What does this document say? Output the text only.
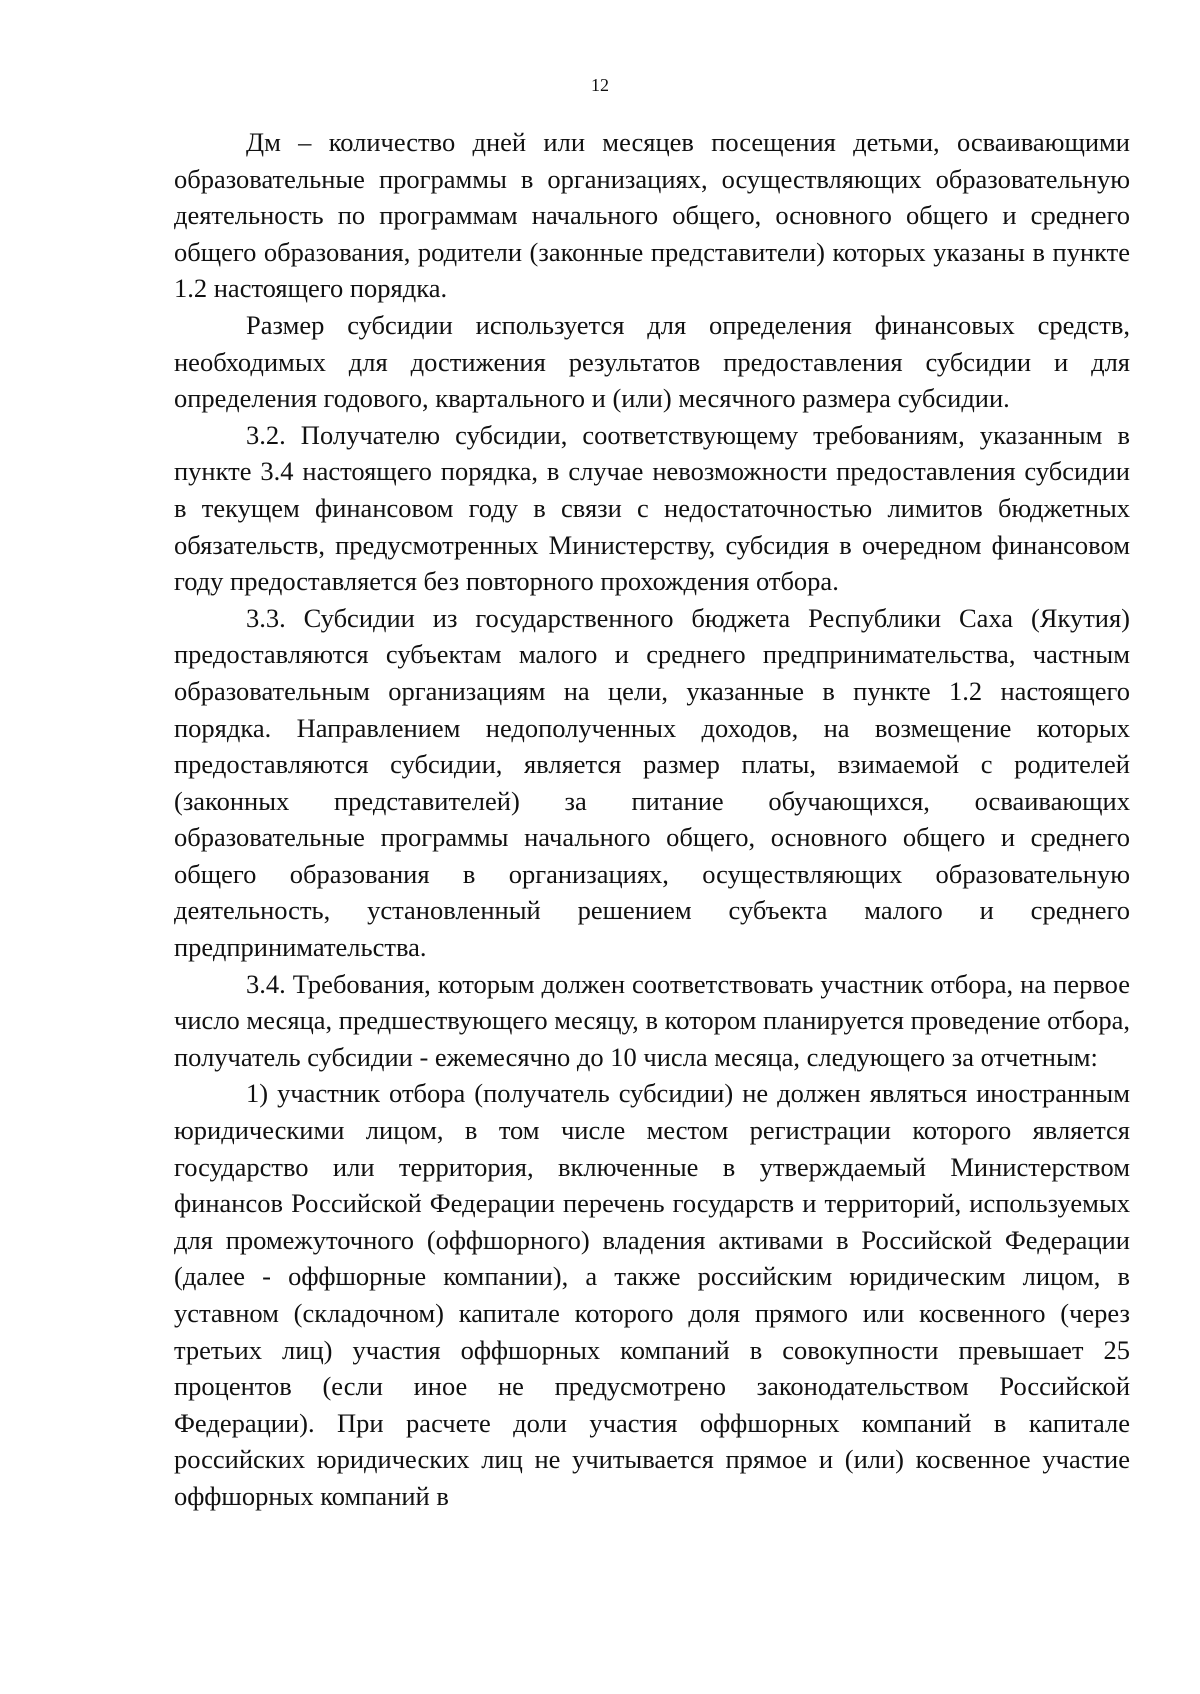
12

Дм – количество дней или месяцев посещения детьми, осваивающими образовательные программы в организациях, осуществляющих образовательную деятельность по программам начального общего, основного общего и среднего общего образования, родители (законные представители) которых указаны в пункте 1.2 настоящего порядка.

Размер субсидии используется для определения финансовых средств, необходимых для достижения результатов предоставления субсидии и для определения годового, квартального и (или) месячного размера субсидии.

3.2. Получателю субсидии, соответствующему требованиям, указанным в пункте 3.4 настоящего порядка, в случае невозможности предоставления субсидии в текущем финансовом году в связи с недостаточностью лимитов бюджетных обязательств, предусмотренных Министерству, субсидия в очередном финансовом году предоставляется без повторного прохождения отбора.

3.3. Субсидии из государственного бюджета Республики Саха (Якутия) предоставляются субъектам малого и среднего предпринимательства, частным образовательным организациям на цели, указанные в пункте 1.2 настоящего порядка. Направлением недополученных доходов, на возмещение которых предоставляются субсидии, является размер платы, взимаемой с родителей (законных представителей) за питание обучающихся, осваивающих образовательные программы начального общего, основного общего и среднего общего образования в организациях, осуществляющих образовательную деятельность, установленный решением субъекта малого и среднего предпринимательства.

3.4. Требования, которым должен соответствовать участник отбора, на первое число месяца, предшествующего месяцу, в котором планируется проведение отбора, получатель субсидии - ежемесячно до 10 числа месяца, следующего за отчетным:

1) участник отбора (получатель субсидии) не должен являться иностранным юридическими лицом, в том числе местом регистрации которого является государство или территория, включенные в утверждаемый Министерством финансов Российской Федерации перечень государств и территорий, используемых для промежуточного (оффшорного) владения активами в Российской Федерации (далее - оффшорные компании), а также российским юридическим лицом, в уставном (складочном) капитале которого доля прямого или косвенного (через третьих лиц) участия оффшорных компаний в совокупности превышает 25 процентов (если иное не предусмотрено законодательством Российской Федерации). При расчете доли участия оффшорных компаний в капитале российских юридических лиц не учитывается прямое и (или) косвенное участие оффшорных компаний в
